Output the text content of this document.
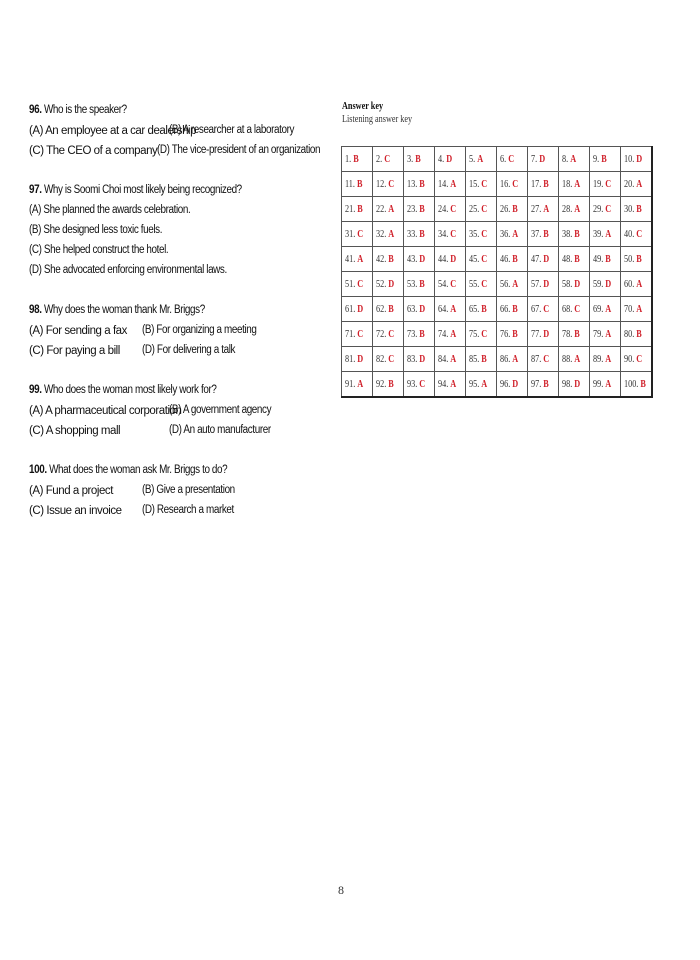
96. Who is the speaker?
(A) An employee at a car dealership
(B) A researcher at a laboratory
(C) The CEO of a company (D) The vice-president of an organization
97. Why is Soomi Choi most likely being recognized?
(A) She planned the awards celebration.
(B) She designed less toxic fuels.
(C) She helped construct the hotel.
(D) She advocated enforcing environmental laws.
98. Why does the woman thank Mr. Briggs?
(A) For sending a fax	(B) For organizing a meeting
(C) For paying a bill	(D) For delivering a talk
99. Who does the woman most likely work for?
(A) A pharmaceutical corporation
(B) A government agency
(C) A shopping mall	(D) An auto manufacturer
100. What does the woman ask Mr. Briggs to do?
(A) Fund a project	(B) Give a presentation
(C) Issue an invoice	(D) Research a market
Answer key
Listening answer key
1. B	2. C	3. B	4. D	5. A	6. C	7. D	8. A	9. B	10. D
11. B	12. C	13. B	14. A	15. C	16. C	17. B	18. A	19. C	20. A
21. B	22. A	23. B	24. C	25. C	26. B	27. A	28. A	29. C	30. B
31. C	32. A	33. B	34. C	35. C	36. A	37. B	38. B	39. A	40. C
41. A	42. B	43. D	44. D	45. C	46. B	47. D	48. B	49. B	50. B
51. C	52. D	53. B	54. C	55. C	56. A	57. D	58. D	59. D	60. A
61. D	62. B	63. D	64. A	65. B	66. B	67. C	68. C	69. A	70. A
71. C	72. C	73. B	74. A	75. C	76. B	77. D	78. B	79. A	80. B
81. D	82. C	83. D	84. A	85. B	86. A	87. C	88. A	89. A	90. C
91. A	92. B	93. C	94. A	95. A	96. D	97. B	98. D	99. A	100. B
8
